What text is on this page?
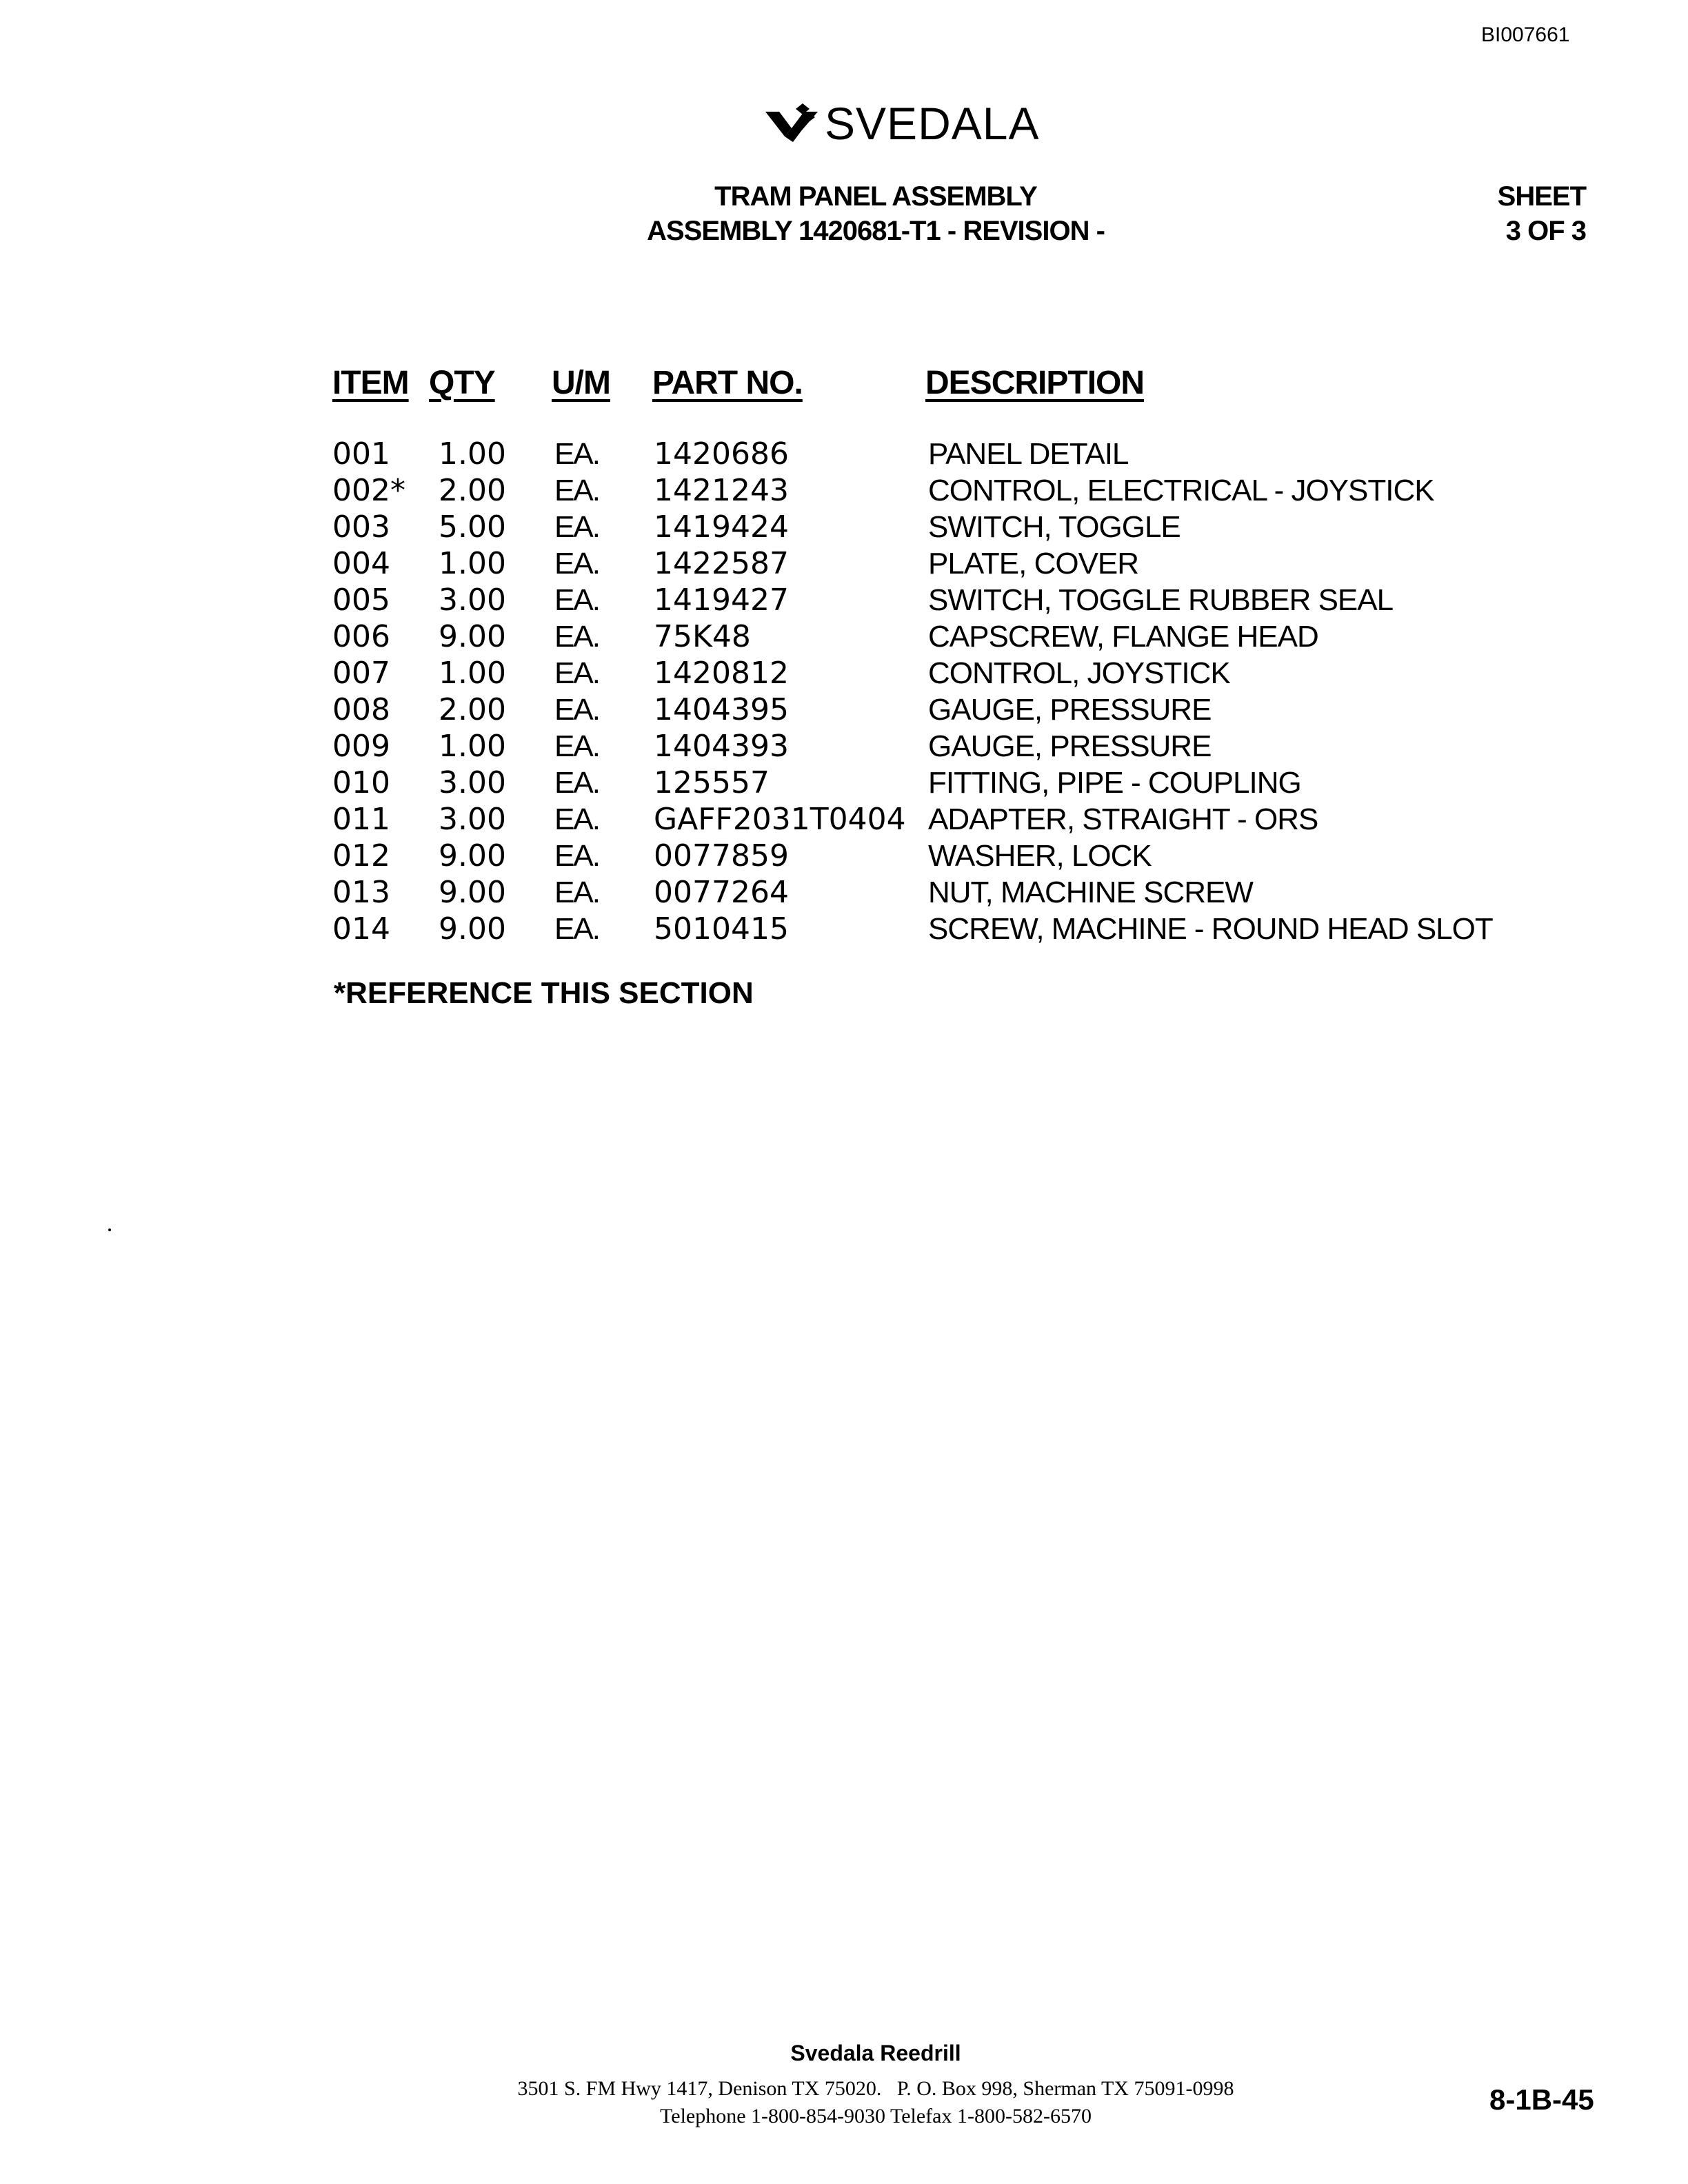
BI007661
SVEDALA
TRAM PANEL ASSEMBLY
ASSEMBLY 1420681-T1 - REVISION -
SHEET
3 OF 3
ITEM QTY U/M PART NO.	DESCRIPTION
001 1.00 EA. 1420686	PANEL DETAIL
002* 2.00 EA. 1421243	CONTROL, ELECTRICAL - JOYSTICK
003 5.00 EA. 1419424	SWITCH, TOGGLE
004 1.00 EA. 1422587	PLATE, COVER
005 3.00 EA. 1419427	SWITCH, TOGGLE RUBBER SEAL
006 9.00 EA. 75K48	CAPSCREW, FLANGE HEAD
007 1.00 EA. 1420812	CONTROL, JOYSTICK
008 2.00 EA. 1404395	GAUGE, PRESSURE
009 1.00 EA. 1404393	GAUGE, PRESSURE
010 3.00 EA. 125557	FITTING, PIPE - COUPLING
011 3.00 EA. GAFF2031T0404 ADAPTER, STRAIGHT - ORS
012 9.00 EA. 0077859	WASHER, LOCK
013 9.00 EA. 0077264	NUT, MACHINE SCREW
014 9.00 EA. 5010415	SCREW, MACHINE - ROUND HEAD SLOT
*REFERENCE THIS SECTION
Svedala Reedrill
3501 S. FM Hwy 1417, Denison TX 75020.   P. O. Box 998, Sherman TX 75091-0998
Telephone 1-800-854-9030 Telefax 1-800-582-6570
8-1B-45
